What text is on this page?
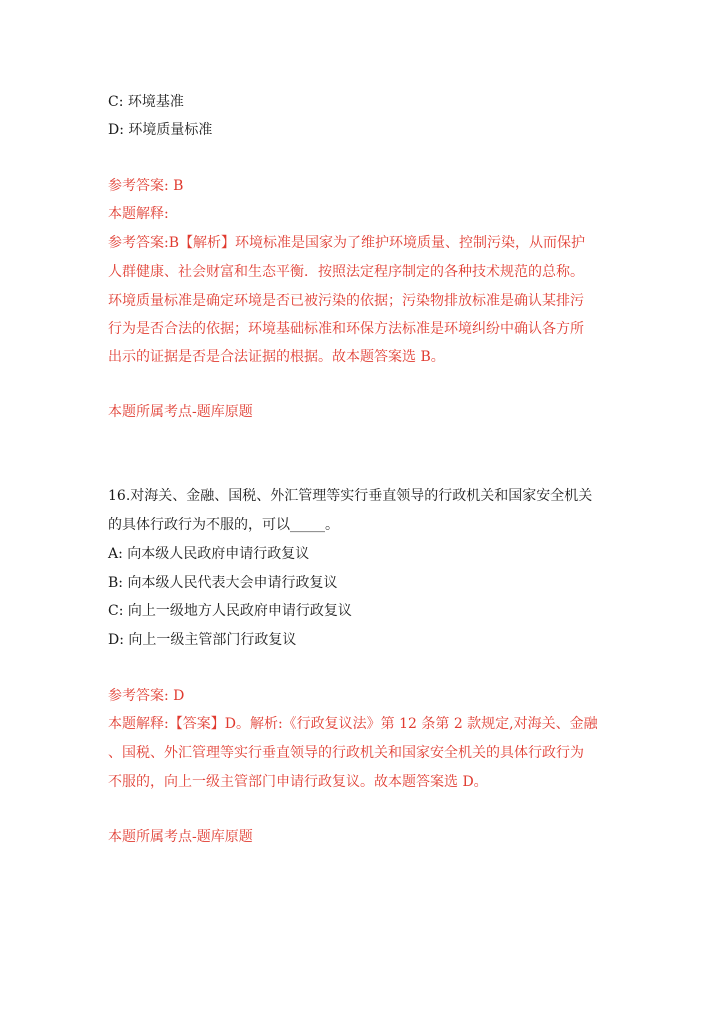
C: 环境基准
D: 环境质量标准
参考答案: B
本题解释:
参考答案:B【解析】环境标准是国家为了维护环境质量、控制污染，从而保护
人群健康、社会财富和生态平衡．按照法定程序制定的各种技术规范的总称。
环境质量标准是确定环境是否已被污染的依据；污染物排放标准是确认某排污
行为是否合法的依据；环境基础标准和环保方法标准是环境纠纷中确认各方所
出示的证据是否是合法证据的根据。故本题答案选 B。
本题所属考点-题库原题
16.对海关、金融、国税、外汇管理等实行垂直领导的行政机关和国家安全机关
的具体行政行为不服的，可以_____。
A: 向本级人民政府申请行政复议
B: 向本级人民代表大会申请行政复议
C: 向上一级地方人民政府申请行政复议
D: 向上一级主管部门行政复议
参考答案: D
本题解释:【答案】D。解析:《行政复议法》第 12 条第 2 款规定,对海关、金融
、国税、外汇管理等实行垂直领导的行政机关和国家安全机关的具体行政行为
不服的，向上一级主管部门申请行政复议。故本题答案选 D。
本题所属考点-题库原题
